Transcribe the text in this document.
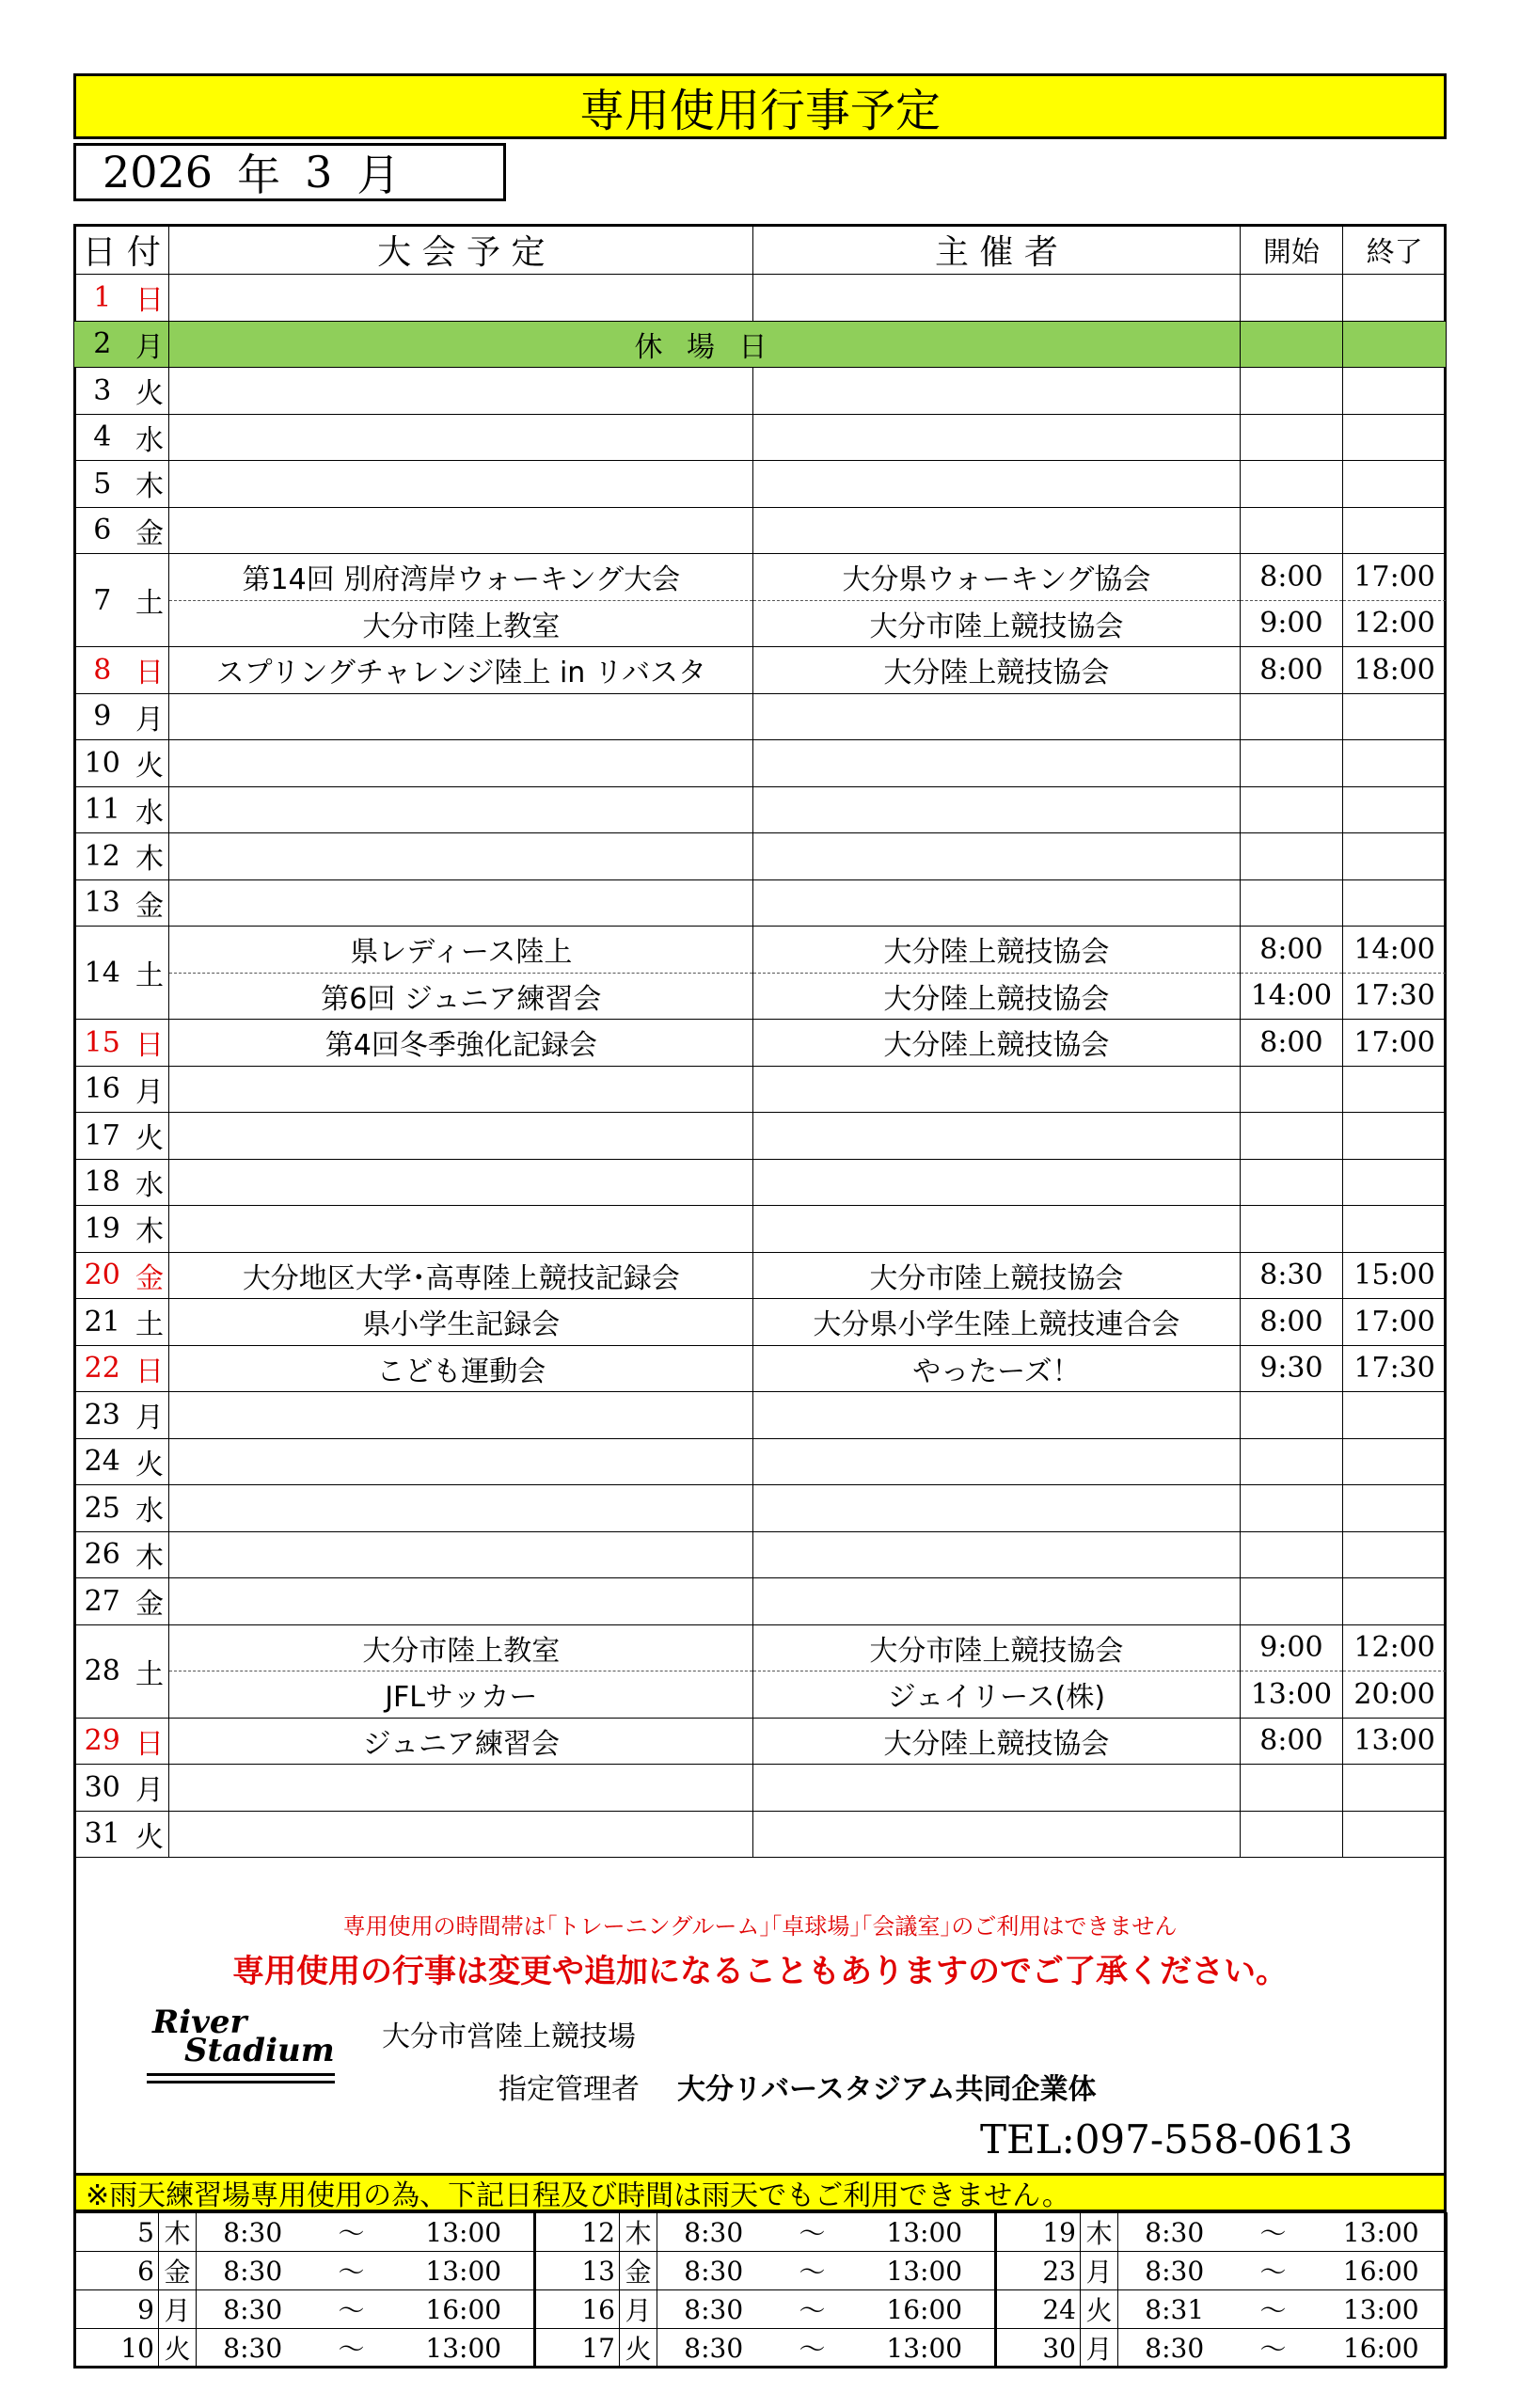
専用使用行事予定
2026 年 3 月
日 付		大 会 予 定	主 催 者	開始	終了
1	日				
2	月	休 場 日			
3	火				
4	水				
5	木				
6	金				
7	土	第14回 別府湾岸ウォーキング大会	大分県ウォーキング協会	8:00	17:00
		大分市陸上教室	大分市陸上競技協会	9:00	12:00
8	日	スプリングチャレンジ陸上 in リバスタ	大分陸上競技協会	8:00	18:00
9	月				
10	火				
11	水				
12	木				
13	金				
14	土	県レディース陸上	大分陸上競技協会	8:00	14:00
		第6回 ジュニア練習会	大分陸上競技協会	14:00	17:30
15	日	第4回冬季強化記録会	大分陸上競技協会	8:00	17:00
16	月				
17	火				
18	水				
19	木				
20	金	大分地区大学･高専陸上競技記録会	大分市陸上競技協会	8:30	15:00
21	土	県小学生記録会	大分県小学生陸上競技連合会	8:00	17:00
22	日	こども運動会	やったーズ！	9:30	17:30
23	月				
24	火				
25	水				
26	木				
27	金				
28	土	大分市陸上教室	大分市陸上競技協会	9:00	12:00
		JFLサッカー	ジェイリース(株)	13:00	20:00
29	日	ジュニア練習会	大分陸上競技協会	8:00	13:00
30	月				
31	火				
専用使用の時間帯は｢トレーニングルーム｣｢卓球場｣｢会議室｣のご利用はできません
専用使用の行事は変更や追加になることもありますのでご了承ください。
River
Stadium 大分市営陸上競技場
指定管理者 大分リバースタジアム共同企業体
TEL:097-558-0613
※雨天練習場専用使用の為、下記日程及び時間は雨天でもご利用できません。
5	木	8:30	～	13:00	12	木	8:30	～	13:00	19	木	8:30	～	13:00
6	金	8:30	～	13:00	13	金	8:30	～	13:00	23	月	8:30	～	16:00
9	月	8:30	～	16:00	16	月	8:30	～	16:00	24	火	8:31	～	13:00
10	火	8:30	～	13:00	17	火	8:30	～	13:00	30	月	8:30	～	16:00
